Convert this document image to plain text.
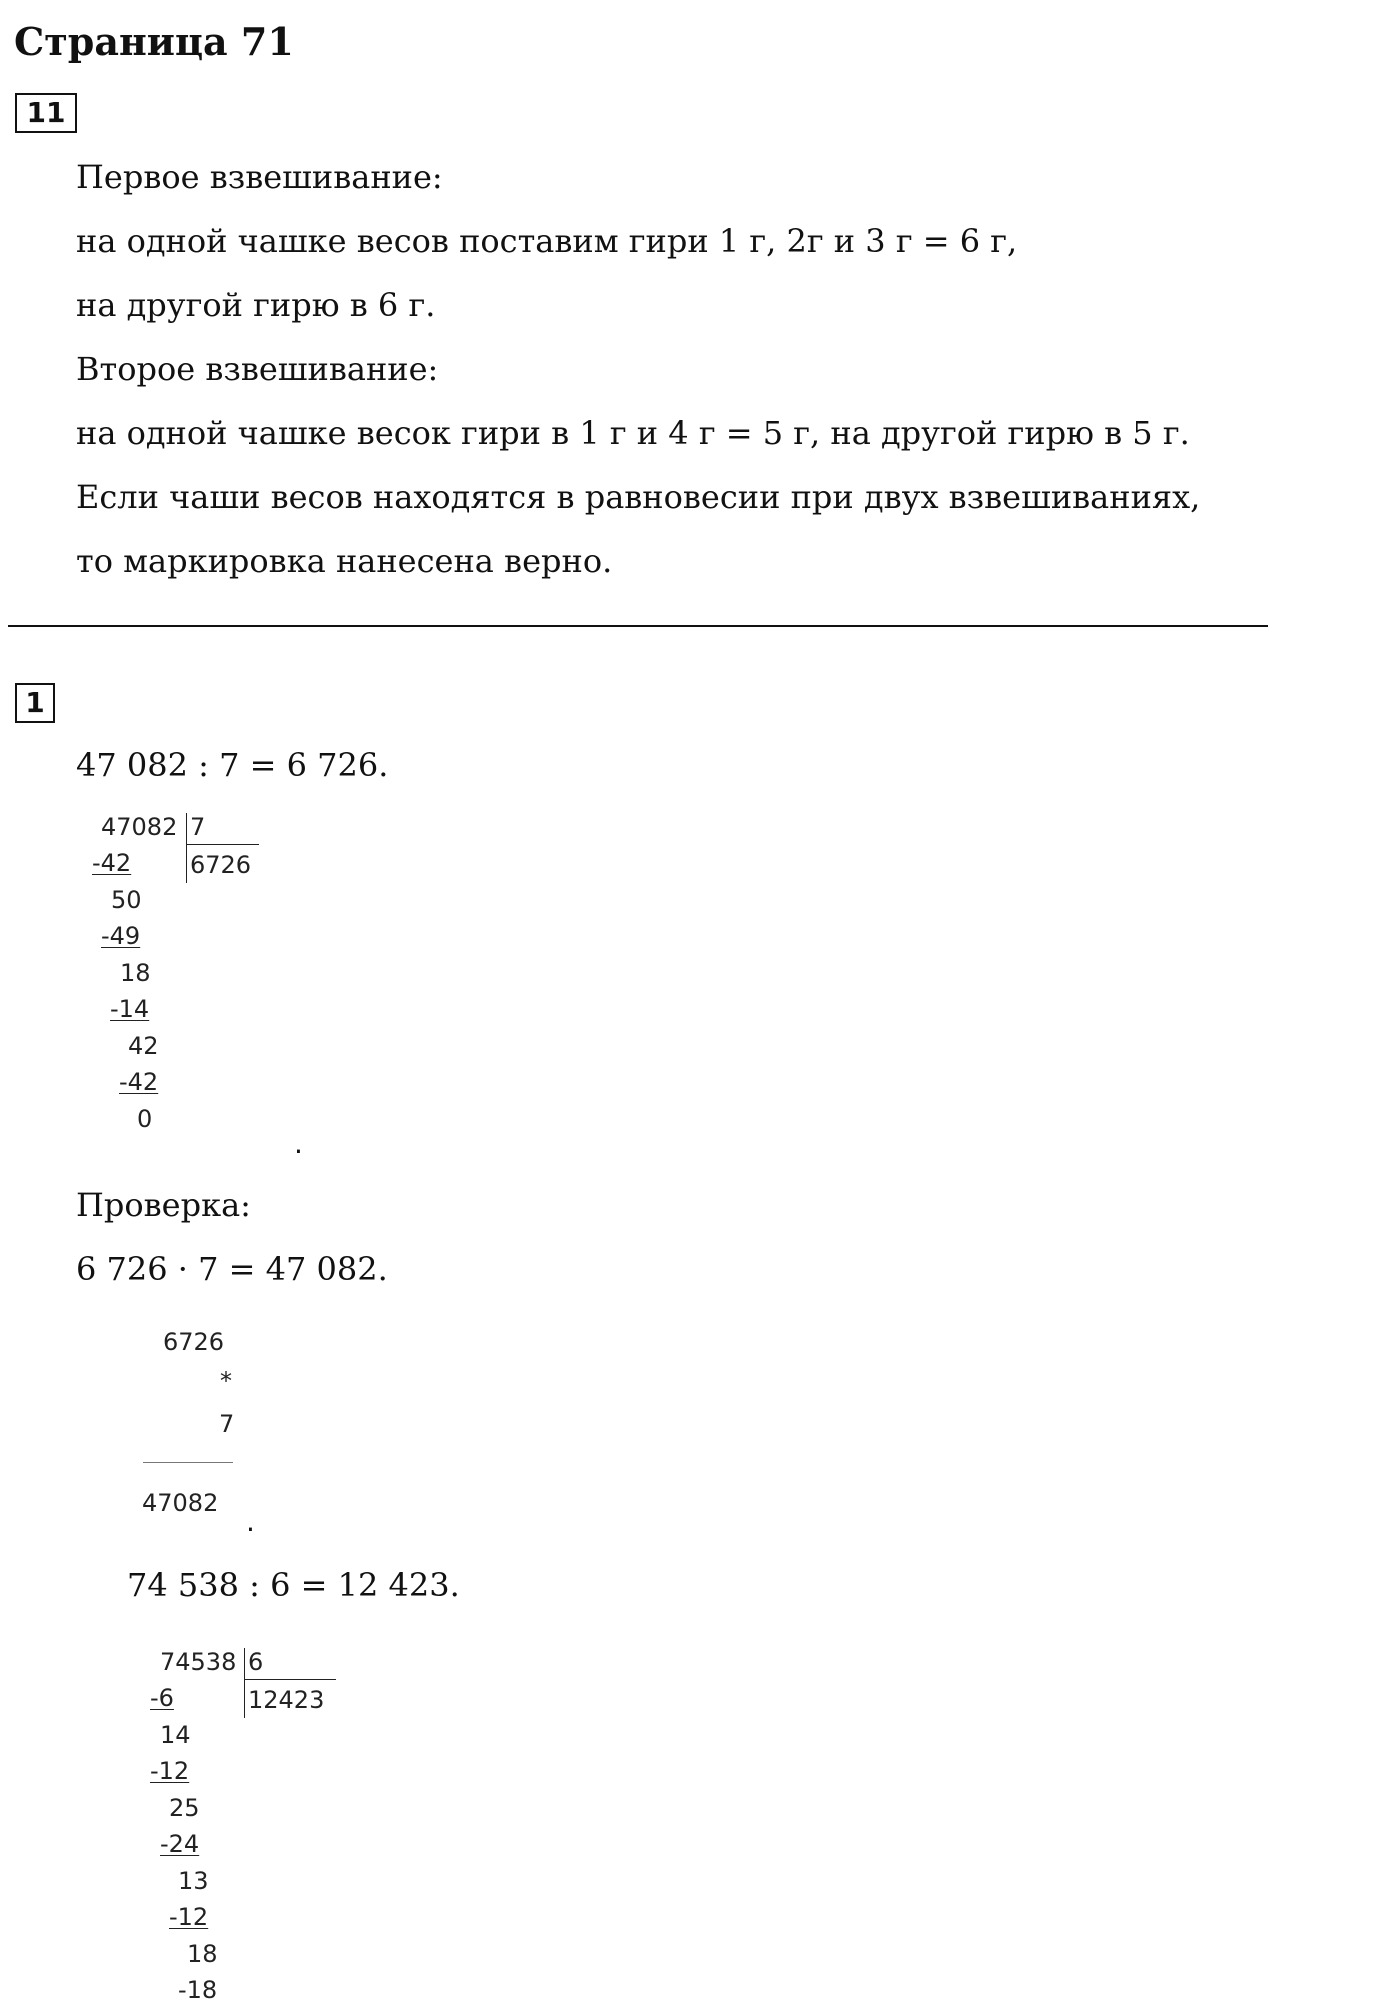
Страница 71
11
Первое взвешивание:
на одной чашке весов поставим гири 1 г, 2г и 3 г = 6 г,
на другой гирю в 6 г.
Второе взвешивание:
на одной чашке весок гири в 1 г и 4 г = 5 г, на другой гирю в 5 г.
Если чаши весов находятся в равновесии при двух взвешиваниях,
то маркировка нанесена верно.
1
47 082 : 7 = 6 726.
47082 7
6726
-42
50
-49
18
-14
42
-42
0
.
Проверка:
6 726 · 7 = 47 082.
6726
*
7
47082
.
74 538 : 6 = 12 423.
74538 6
12423
-6
14
-12
25
-24
13
-12
18
-18
